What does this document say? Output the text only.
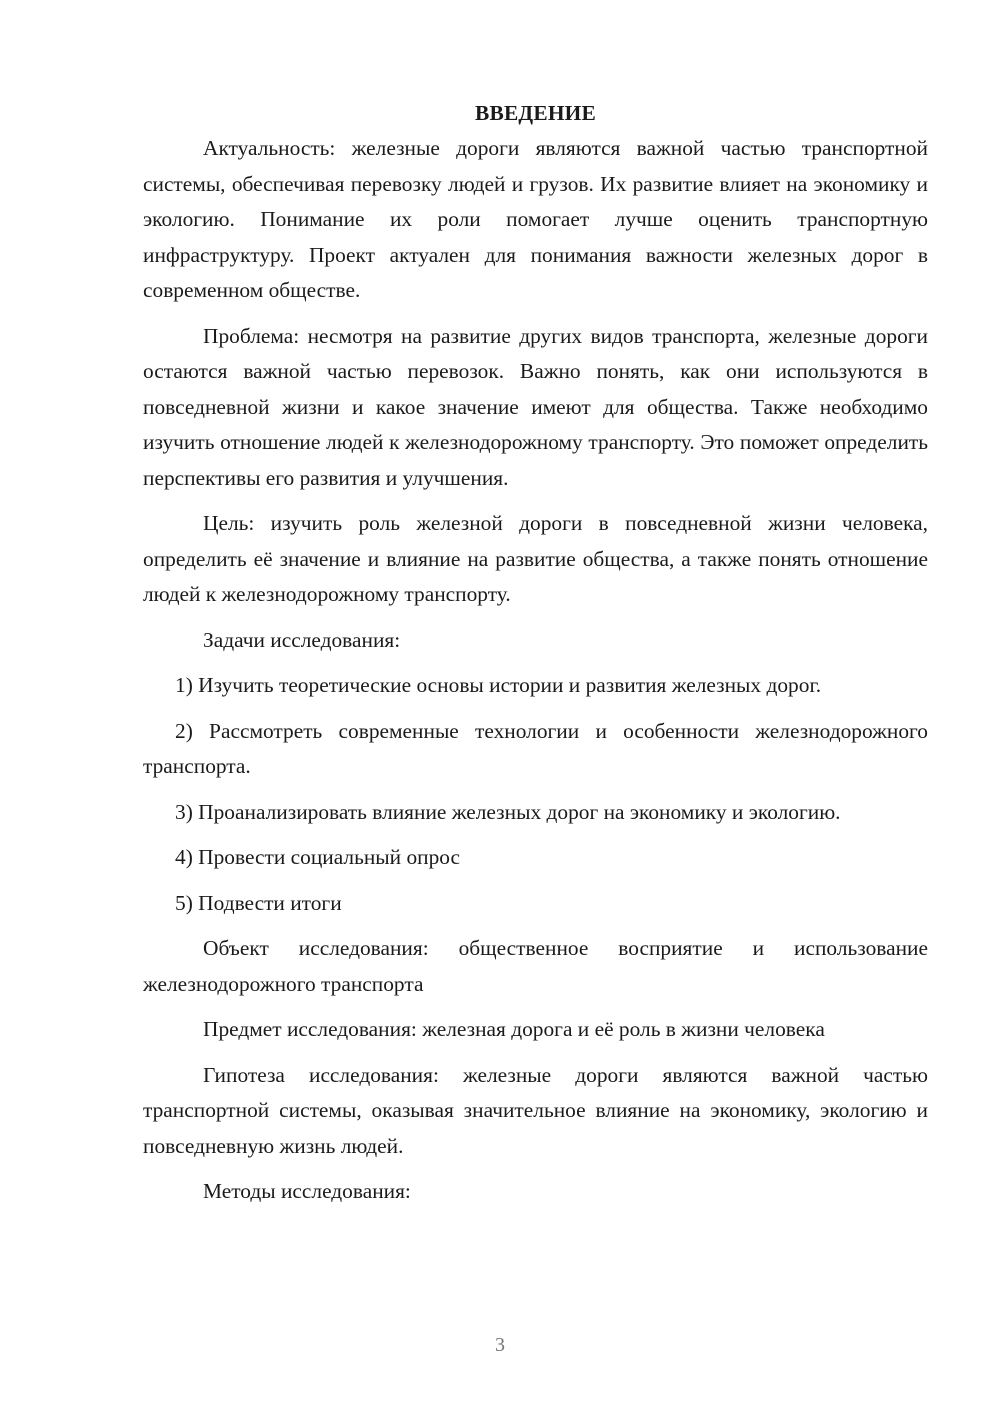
ВВЕДЕНИЕ

Актуальность: железные дороги являются важной частью транспортной системы, обеспечивая перевозку людей и грузов. Их развитие влияет на экономику и экологию. Понимание их роли помогает лучше оценить транспортную инфраструктуру. Проект актуален для понимания важности железных дорог в современном обществе.

Проблема: несмотря на развитие других видов транспорта, железные дороги остаются важной частью перевозок. Важно понять, как они используются в повседневной жизни и какое значение имеют для общества. Также необходимо изучить отношение людей к железнодорожному транспорту. Это поможет определить перспективы его развития и улучшения.

Цель: изучить роль железной дороги в повседневной жизни человека, определить её значение и влияние на развитие общества, а также понять отношение людей к железнодорожному транспорту.

Задачи исследования:

1) Изучить теоретические основы истории и развития железных дорог.

2) Рассмотреть современные технологии и особенности железнодорожного транспорта.

3) Проанализировать влияние железных дорог на экономику и экологию.

4) Провести социальный опрос

5) Подвести итоги

Объект исследования: общественное восприятие и использование железнодорожного транспорта

Предмет исследования: железная дорога и её роль в жизни человека

Гипотеза исследования: железные дороги являются важной частью транспортной системы, оказывая значительное влияние на экономику, экологию и повседневную жизнь людей.

Методы исследования:

3
